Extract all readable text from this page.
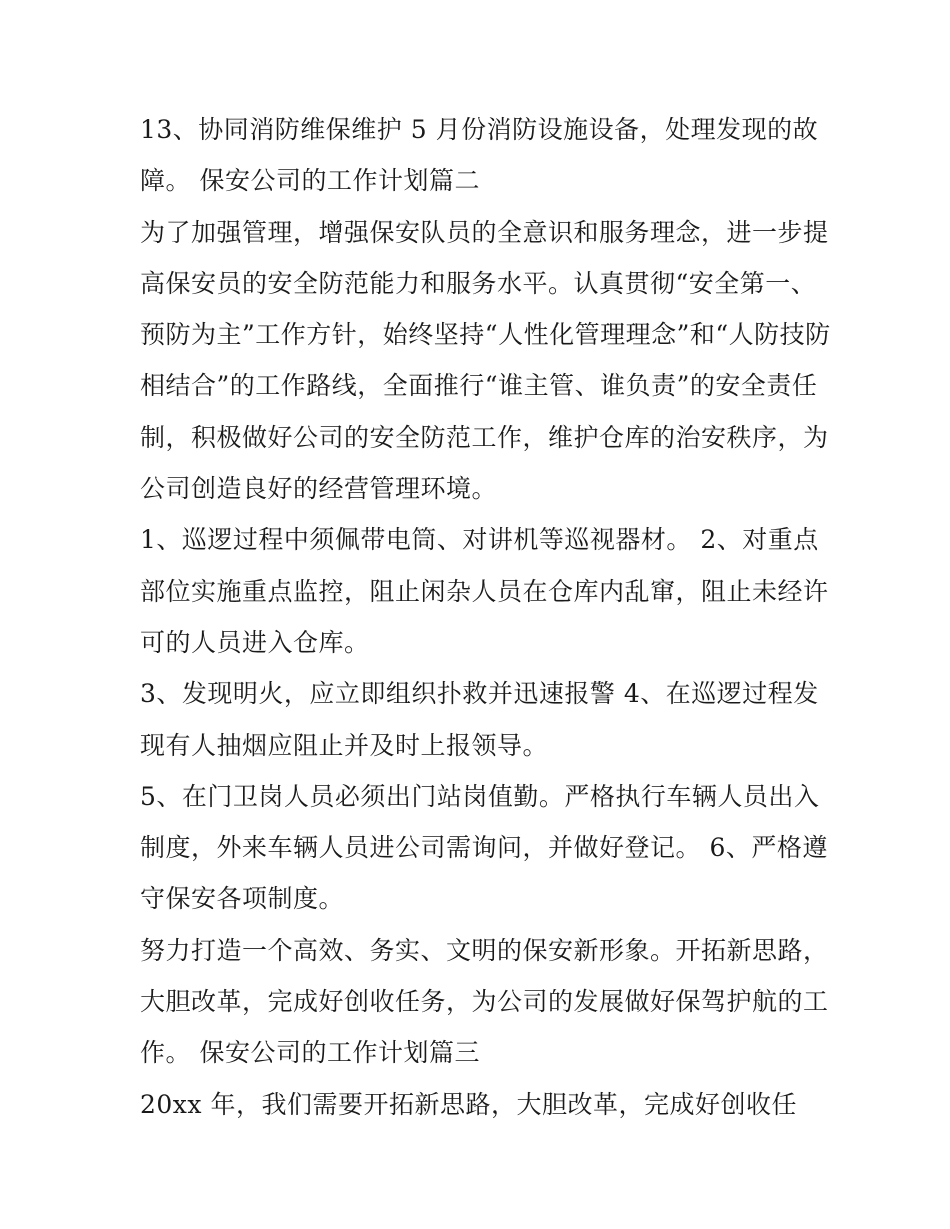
13、协同消防维保维护 5 月份消防设施设备，处理发现的故
障。 保安公司的工作计划篇二
为了加强管理，增强保安队员的全意识和服务理念，进一步提
高保安员的安全防范能力和服务水平。认真贯彻“安全第一、
预防为主”工作方针，始终坚持“人性化管理理念”和“人防技防
相结合”的工作路线，全面推行“谁主管、谁负责”的安全责任
制，积极做好公司的安全防范工作，维护仓库的治安秩序，为
公司创造良好的经营管理环境。
1、巡逻过程中须佩带电筒、对讲机等巡视器材。 2、对重点
部位实施重点监控，阻止闲杂人员在仓库内乱窜，阻止未经许
可的人员进入仓库。
3、发现明火，应立即组织扑救并迅速报警 4、在巡逻过程发
现有人抽烟应阻止并及时上报领导。
5、在门卫岗人员必须出门站岗值勤。严格执行车辆人员出入
制度，外来车辆人员进公司需询问，并做好登记。 6、严格遵
守保安各项制度。
努力打造一个高效、务实、文明的保安新形象。开拓新思路，
大胆改革，完成好创收任务，为公司的发展做好保驾护航的工
作。 保安公司的工作计划篇三
20xx 年，我们需要开拓新思路，大胆改革，完成好创收任
